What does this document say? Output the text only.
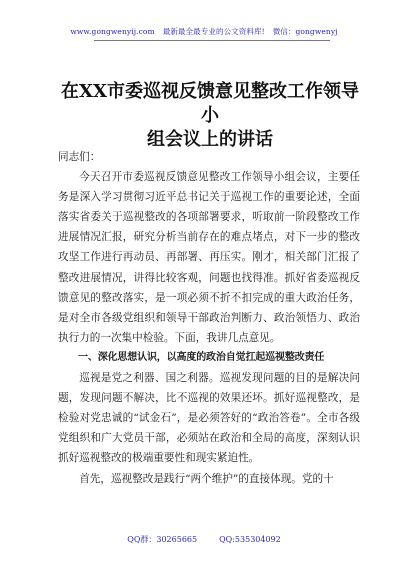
www.gongwenyij.com 最新最全最专业的公文资料库! 微信：gongwenyj
在XX市委巡视反馈意见整改工作领导小
组会议上的讲话

同志们：

今天召开市委巡视反馈意见整改工作领导小组会议，主要任务是深入学习贯彻习近平总书记关于巡视工作的重要论述，全面落实省委关于巡视整改的各项部署要求，听取前一阶段整改工作进展情况汇报，研究分析当前存在的难点堵点，对下一步的整改攻坚工作进行再动员、再部署、再压实。刚才，相关部门汇报了整改进展情况，讲得比较客观，问题也找得准。抓好省委巡视反馈意见的整改落实，是一项必须不折不扣完成的重大政治任务，是对全市各级党组织和领导干部政治判断力、政治领悟力、政治执行力的一次集中检验。下面，我讲几点意见。

一、深化思想认识，以高度的政治自觉扛起巡视整改责任

巡视是党之利器、国之利器。巡视发现问题的目的是解决问题，发现问题不解决，比不巡视的效果还坏。抓好巡视整改，是检验对党忠诚的“试金石”，是必须答好的“政治答卷”。全市各级党组织和广大党员干部，必须站在政治和全局的高度，深刻认识抓好巡视整改的极端重要性和现实紧迫性。

首先，巡视整改是践行“两个维护”的直接体现。党的十

QQ群：30265665	QQ:535304092
